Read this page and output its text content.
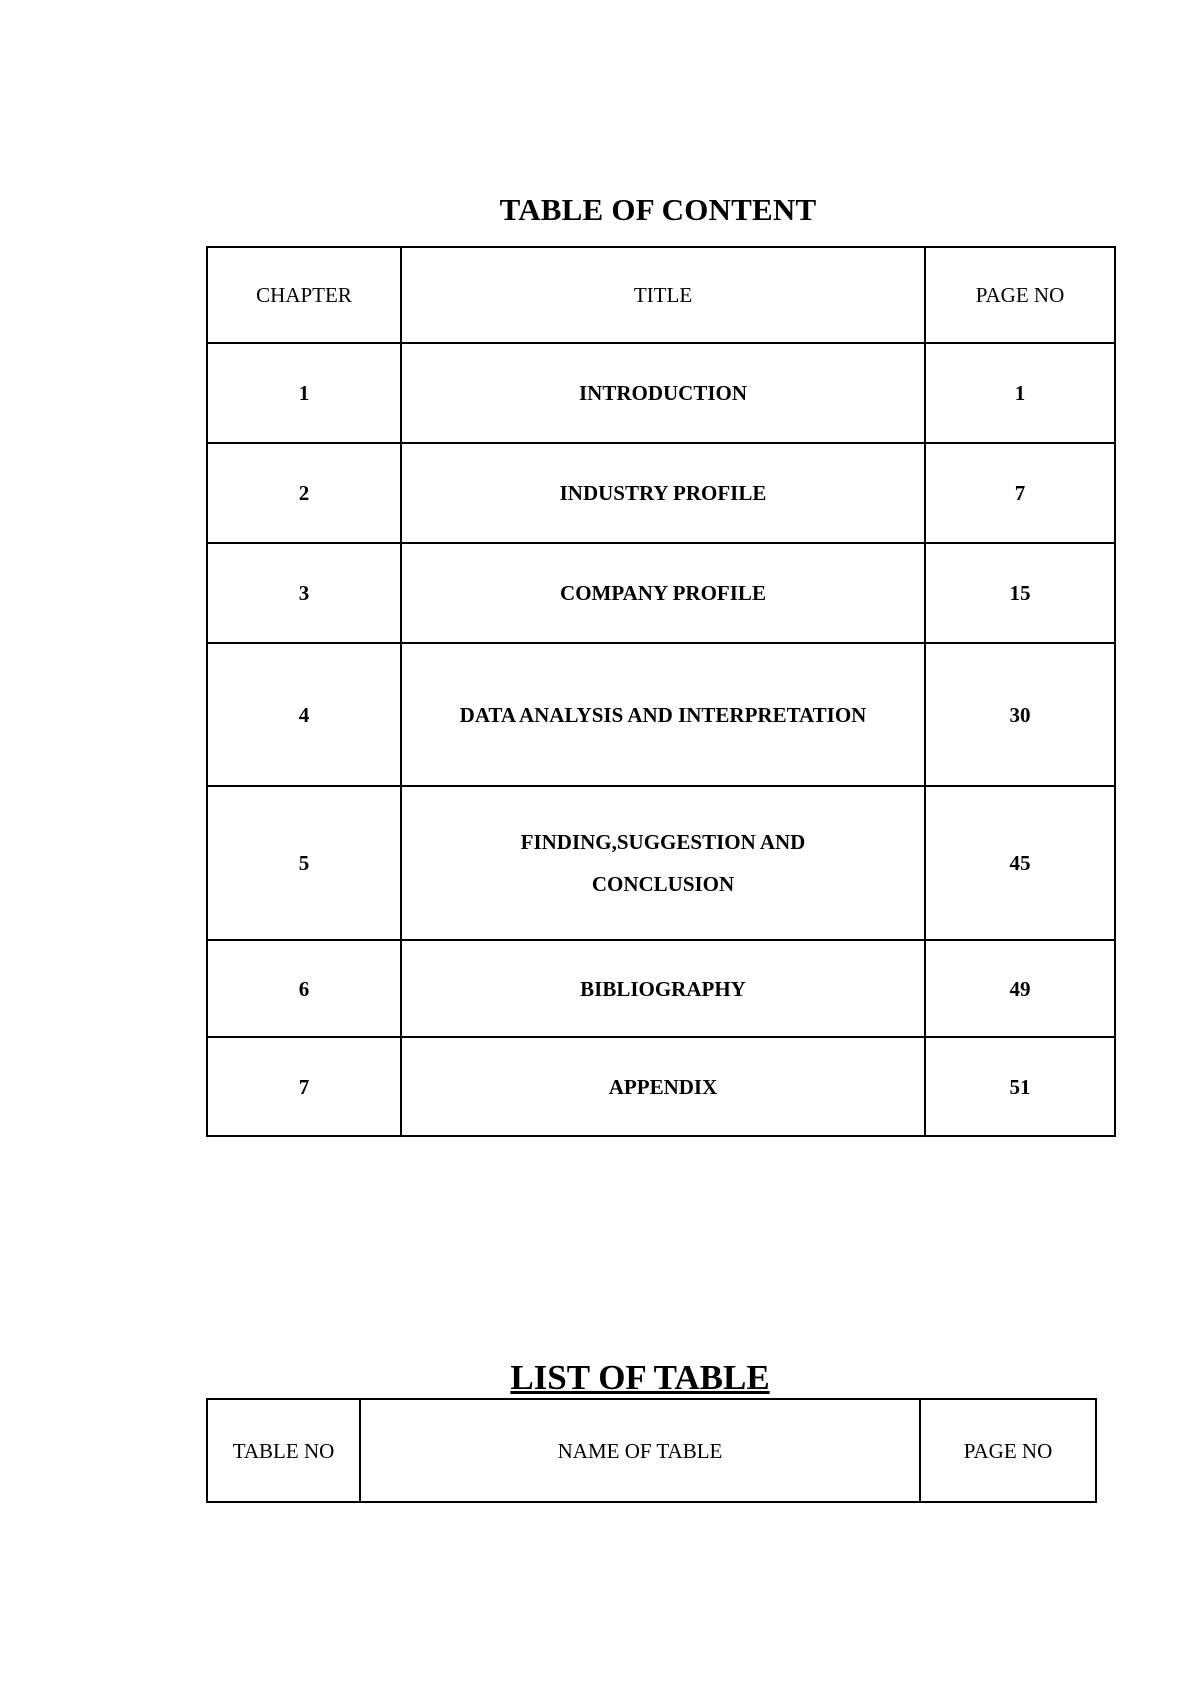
TABLE OF CONTENT
CHAPTER	TITLE	PAGE NO
1	INTRODUCTION	1
2	INDUSTRY PROFILE	7
3	COMPANY PROFILE	15
4	DATA ANALYSIS AND INTERPRETATION	30
5	FINDING,SUGGESTION AND CONCLUSION	45
6	BIBLIOGRAPHY	49
7	APPENDIX	51
LIST OF TABLE
TABLE NO	NAME OF TABLE	PAGE NO
